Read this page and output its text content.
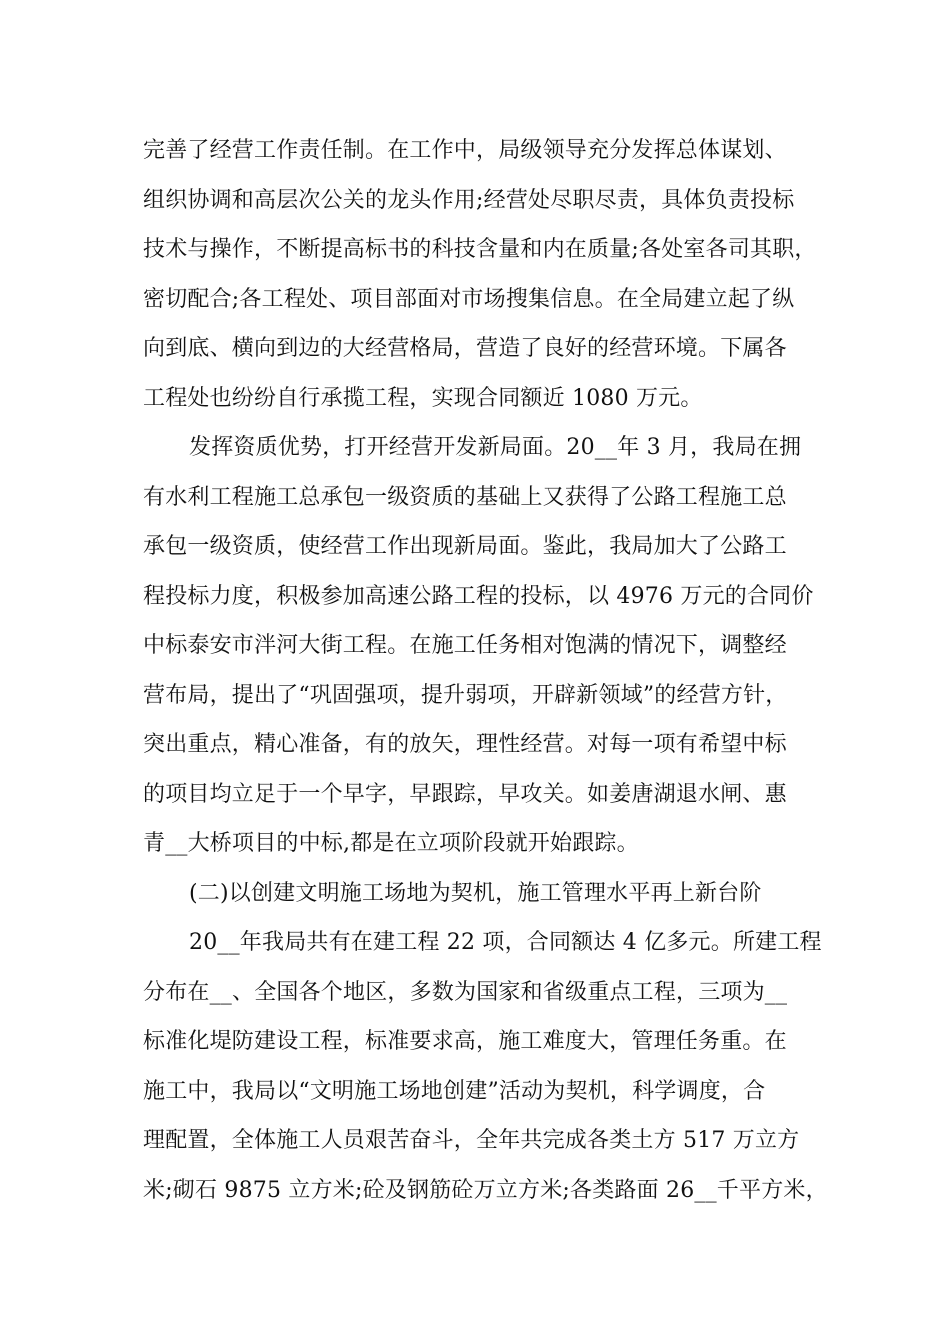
完善了经营工作责任制。在工作中，局级领导充分发挥总体谋划、
组织协调和高层次公关的龙头作用;经营处尽职尽责，具体负责投标
技术与操作，不断提高标书的科技含量和内在质量;各处室各司其职，
密切配合;各工程处、项目部面对市场搜集信息。在全局建立起了纵
向到底、横向到边的大经营格局，营造了良好的经营环境。下属各
工程处也纷纷自行承揽工程，实现合同额近 1080 万元。
发挥资质优势，打开经营开发新局面。20__年 3 月，我局在拥
有水利工程施工总承包一级资质的基础上又获得了公路工程施工总
承包一级资质，使经营工作出现新局面。鉴此，我局加大了公路工
程投标力度，积极参加高速公路工程的投标，以 4976 万元的合同价
中标泰安市泮河大街工程。在施工任务相对饱满的情况下，调整经
营布局，提出了“巩固强项，提升弱项，开辟新领域”的经营方针，
突出重点，精心准备，有的放矢，理性经营。对每一项有希望中标
的项目均立足于一个早字，早跟踪，早攻关。如姜唐湖退水闸、惠
青__大桥项目的中标,都是在立项阶段就开始跟踪。
(二)以创建文明施工场地为契机，施工管理水平再上新台阶
20__年我局共有在建工程 22 项，合同额达 4 亿多元。所建工程
分布在__、全国各个地区，多数为国家和省级重点工程，三项为__
标准化堤防建设工程，标准要求高，施工难度大，管理任务重。在
施工中，我局以“文明施工场地创建”活动为契机，科学调度，合
理配置，全体施工人员艰苦奋斗，全年共完成各类土方 517 万立方
米;砌石 9875 立方米;砼及钢筋砼万立方米;各类路面 26__千平方米，
